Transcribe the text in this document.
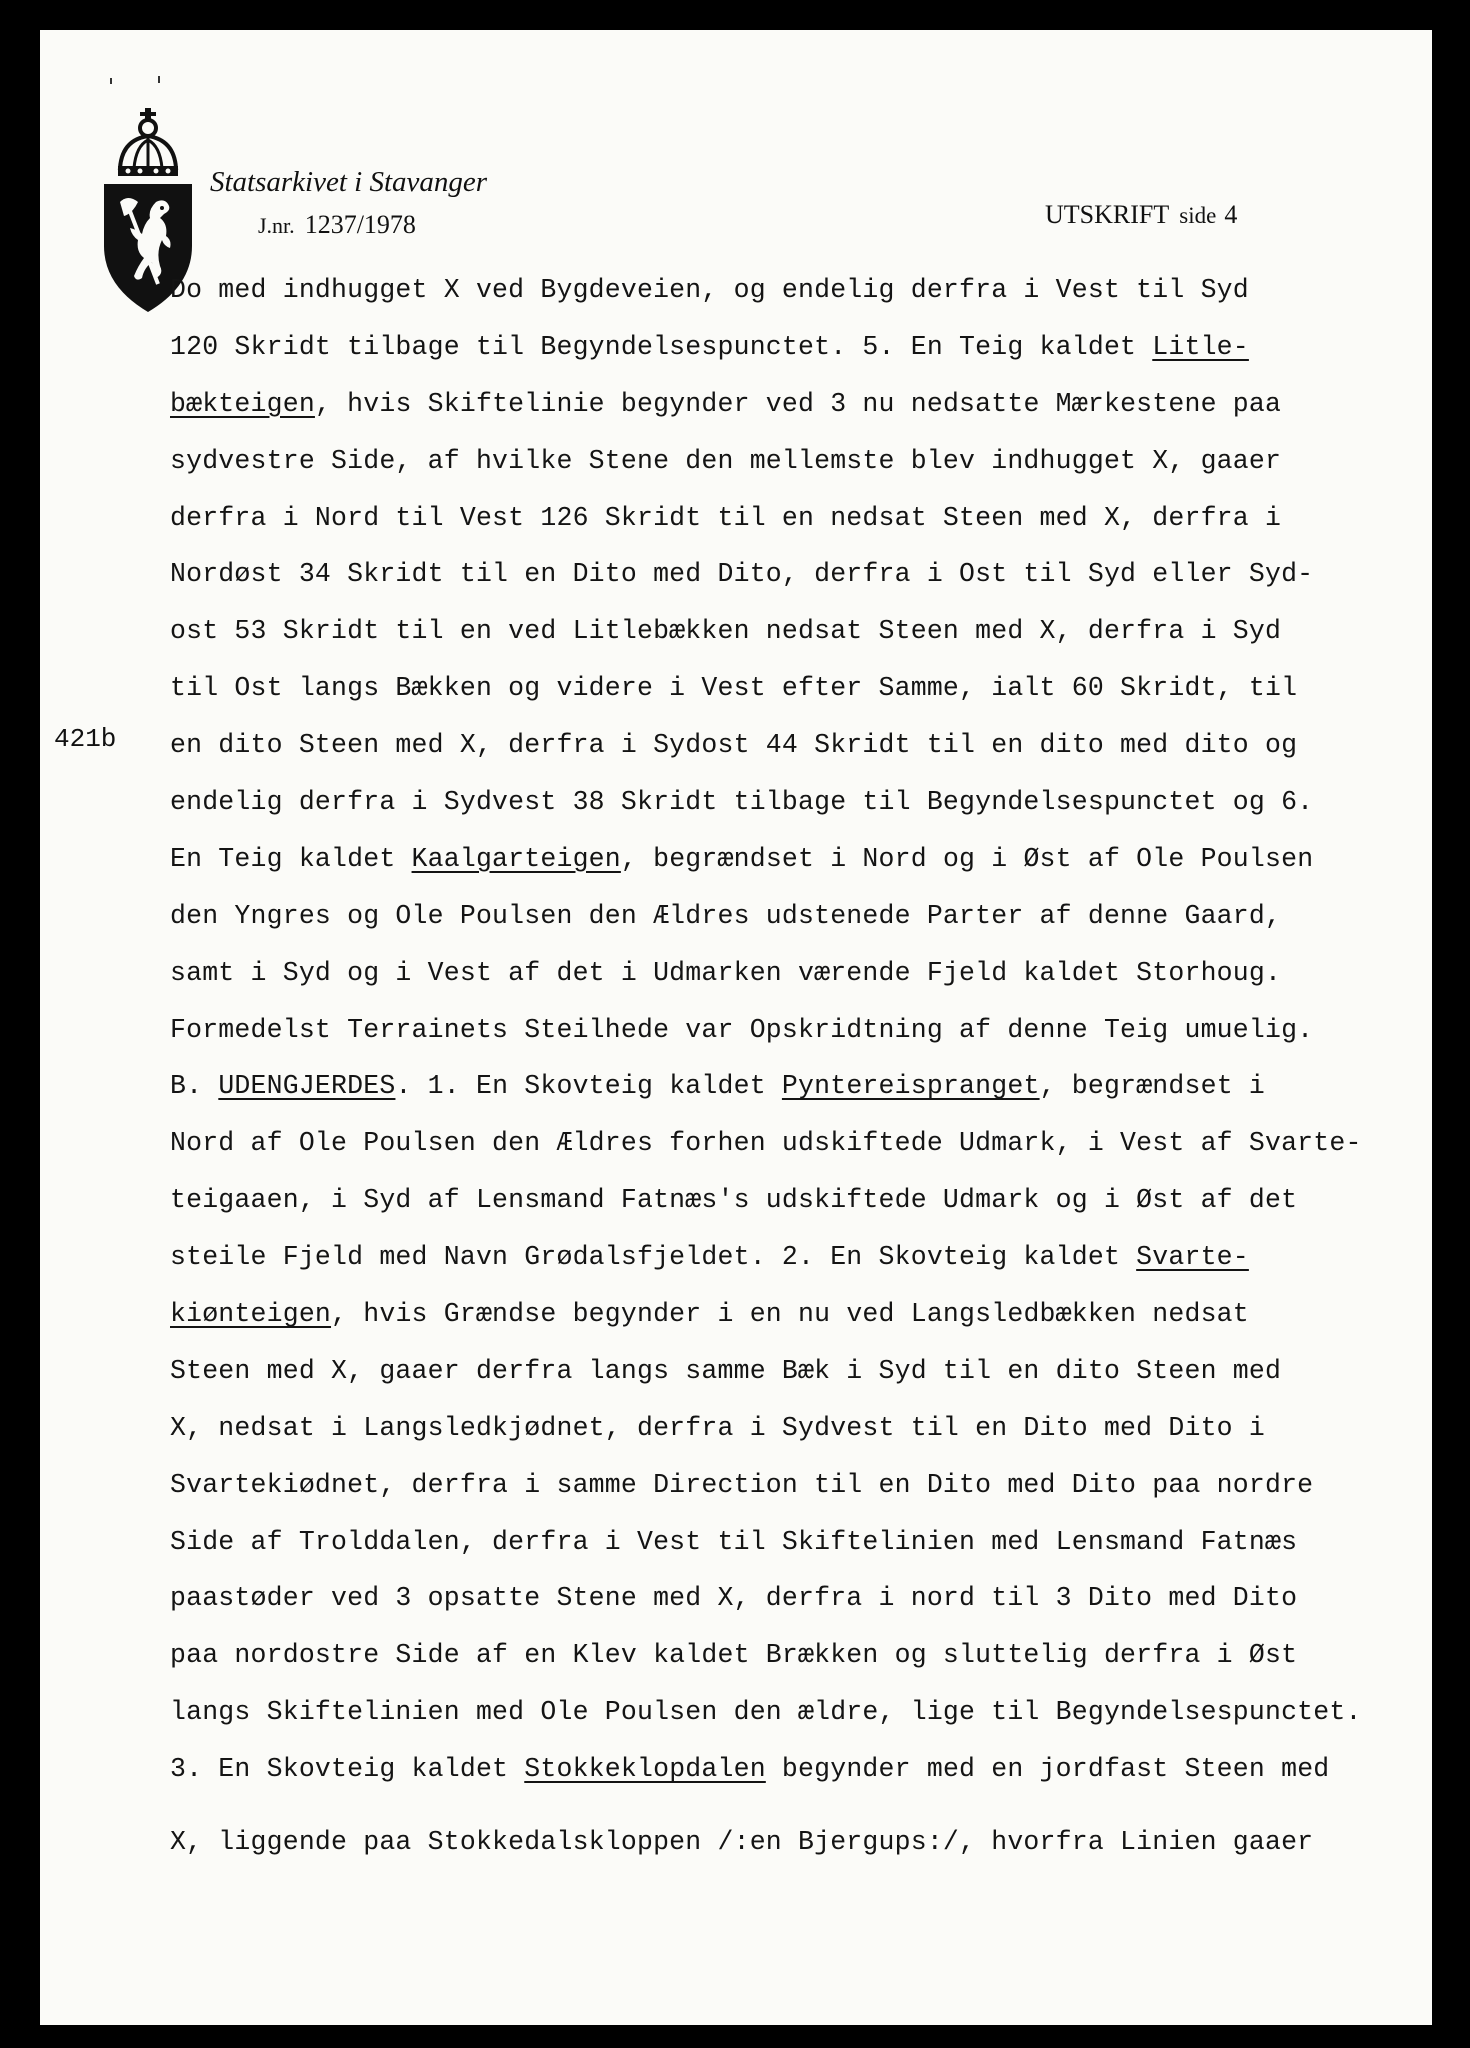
Statsarkivet i Stavanger
J.nr. 1237/1978	UTSKRIFT side 4
421b
Do med indhugget X ved Bygdeveien, og endelig derfra i Vest til Syd
120 Skridt tilbage til Begyndelsespunctet. 5. En Teig kaldet Litle-
bækteigen, hvis Skiftelinie begynder ved 3 nu nedsatte Mærkestene paa
sydvestre Side, af hvilke Stene den mellemste blev indhugget X, gaaer
derfra i Nord til Vest 126 Skridt til en nedsat Steen med X, derfra i
Nordøst 34 Skridt til en Dito med Dito, derfra i Ost til Syd eller Syd-
ost 53 Skridt til en ved Litlebækken nedsat Steen med X, derfra i Syd
til Ost langs Bækken og videre i Vest efter Samme, ialt 60 Skridt, til
en dito Steen med X, derfra i Sydost 44 Skridt til en dito med dito og
endelig derfra i Sydvest 38 Skridt tilbage til Begyndelsespunctet og 6.
En Teig kaldet Kaalgarteigen, begrændset i Nord og i Øst af Ole Poulsen
den Yngres og Ole Poulsen den Ældres udstenede Parter af denne Gaard,
samt i Syd og i Vest af det i Udmarken værende Fjeld kaldet Storhoug.
Formedelst Terrainets Steilhede var Opskridtning af denne Teig umuelig.
B. UDENGJERDES. 1. En Skovteig kaldet Pyntereispranget, begrændset i
Nord af Ole Poulsen den Ældres forhen udskiftede Udmark, i Vest af Svarte-
teigaaen, i Syd af Lensmand Fatnæs's udskiftede Udmark og i Øst af det
steile Fjeld med Navn Grødalsfjeldet. 2. En Skovteig kaldet Svarte-
kiønteigen, hvis Grændse begynder i en nu ved Langsledbækken nedsat
Steen med X, gaaer derfra langs samme Bæk i Syd til en dito Steen med
X, nedsat i Langsledkjødnet, derfra i Sydvest til en Dito med Dito i
Svartekiødnet, derfra i samme Direction til en Dito med Dito paa nordre
Side af Trolddalen, derfra i Vest til Skiftelinien med Lensmand Fatnæs
paastøder ved 3 opsatte Stene med X, derfra i nord til 3 Dito med Dito
paa nordostre Side af en Klev kaldet Brækken og sluttelig derfra i Øst
langs Skiftelinien med Ole Poulsen den ældre, lige til Begyndelsespunctet.
3. En Skovteig kaldet Stokkeklopdalen begynder med en jordfast Steen med
X, liggende paa Stokkedalskloppen /:en Bjergups:/, hvorfra Linien gaaer
